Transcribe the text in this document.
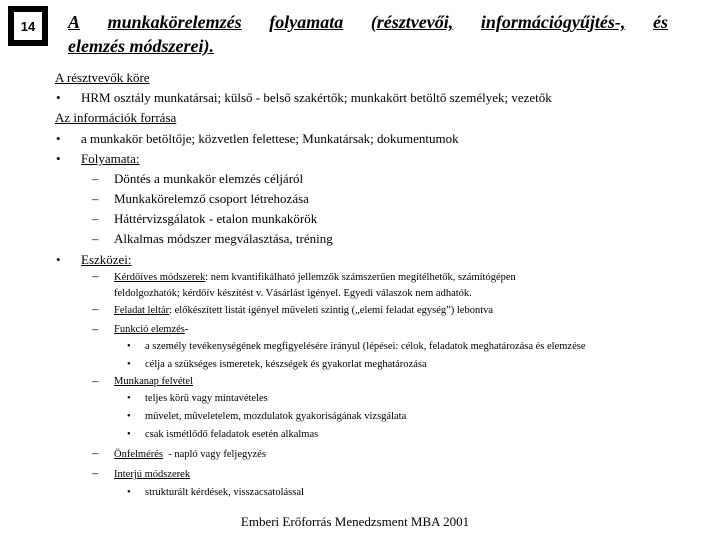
14	A munkakörelemzés folyamata (résztvevői, információgyűjtés-, és
elemzés módszerei).
A résztvevők köre
• HRM osztály munkatársai; külső - belső szakértők; munkakört betöltő személyek; vezetők
Az információk forrása
• a munkakör betöltője; közvetlen felettese; Munkatársak; dokumentumok
• Folyamata:
– Döntés a munkakör elemzés céljáról
– Munkakörelemző csoport létrehozása
– Háttérvizsgálatok - etalon munkakörök
– Alkalmas módszer megválasztása, tréning
• Eszközei:
– Kérdőíves módszerek: nem kvantifikálható jellemzők számszerűen megítélhetők, számítógépen
feldolgozhatók; kérdőív készítést v. Vásárlást igényel. Egyedi válaszok nem adhatók.
– Feladat leltár: előkészített listát igényel műveleti szintig („elemi feladat egység”) lebontva
– Funkció elemzés-
• a személy tevékenységének megfigyelésére irányul (lépései: célok, feladatok meghatározása és elemzése
• célja a szükséges ismeretek, készségek és gyakorlat meghatározása
– Munkanap felvétel
• teljes körű vagy mintavételes
• művelet, műveletelem, mozdulatok gyakoriságának vizsgálata
• csak ismétlődő feladatok esetén alkalmas
– Önfelmérés  - napló vagy feljegyzés
– Interjú módszerek
• strukturált kérdések, visszacsatolással
Emberi Erőforrás Menedzsment MBA 2001
